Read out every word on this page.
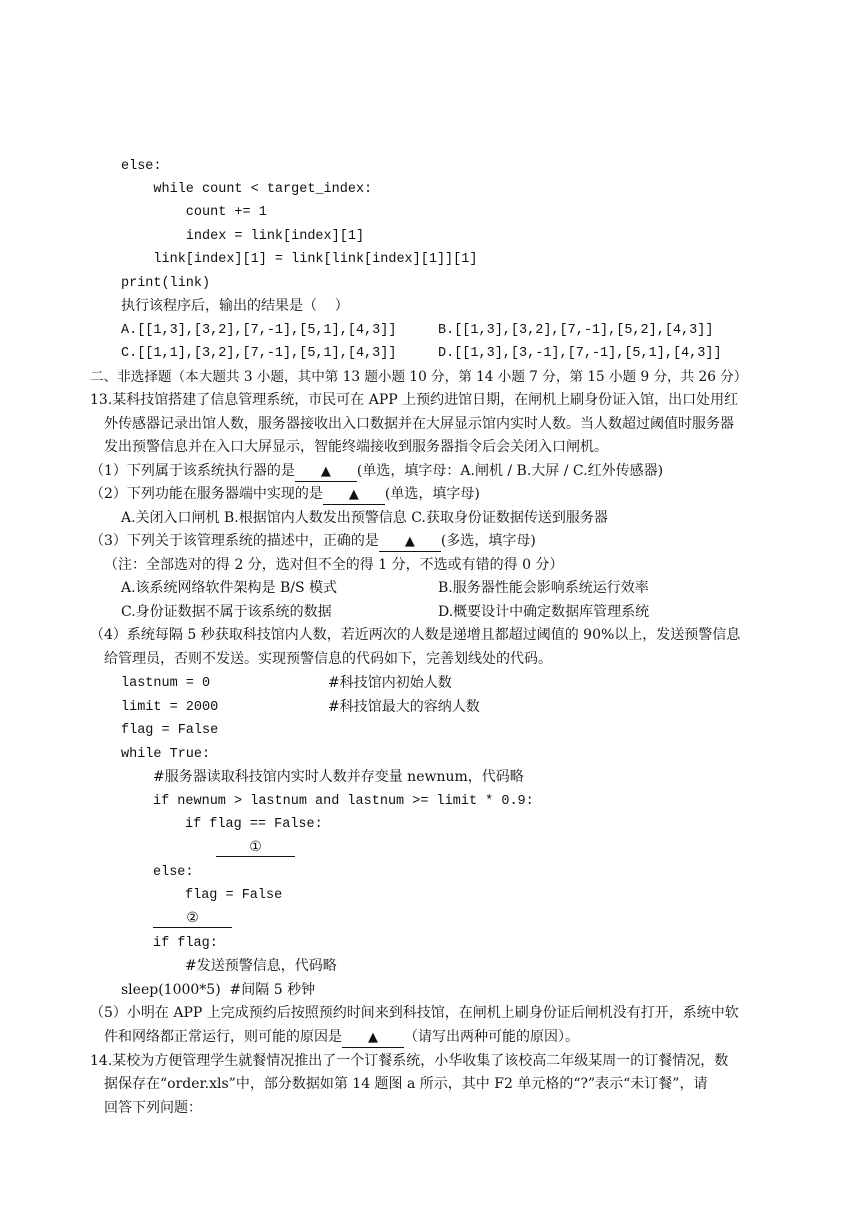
else:
while count < target_index:
count += 1
index = link[index][1]
link[index][1] = link[link[index][1]][1]
print(link)
执行该程序后，输出的结果是（    ）
A.[[1,3],[3,2],[7,-1],[5,1],[4,3]]	B.[[1,3],[3,2],[7,-1],[5,2],[4,3]]
C.[[1,1],[3,2],[7,-1],[5,1],[4,3]]	D.[[1,3],[3,-1],[7,-1],[5,1],[4,3]]
二、非选择题（本大题共 3 小题，其中第 13 题小题 10 分，第 14 小题 7 分，第 15 小题 9 分，共 26 分）
13.某科技馆搭建了信息管理系统，市民可在 APP 上预约进馆日期，在闸机上刷身份证入馆，出口处用红
外传感器记录出馆人数，服务器接收出入口数据并在大屏显示馆内实时人数。当人数超过阈值时服务器
发出预警信息并在入口大屏显示，智能终端接收到服务器指令后会关闭入口闸机。
（1）下列属于该系统执行器的是 ▲ (单选，填字母：A.闸机 / B.大屏 / C.红外传感器)
（2）下列功能在服务器端中实现的是 ▲ (单选，填字母)
A.关闭入口闸机 B.根据馆内人数发出预警信息 C.获取身份证数据传送到服务器
（3）下列关于该管理系统的描述中，正确的是 ▲ (多选，填字母)
（注：全部选对的得 2 分，选对但不全的得 1 分，不选或有错的得 0 分）
A.该系统网络软件架构是 B/S 模式	B.服务器性能会影响系统运行效率
C.身份证数据不属于该系统的数据	D.概要设计中确定数据库管理系统
（4）系统每隔 5 秒获取科技馆内人数，若近两次的人数是递增且都超过阈值的 90%以上，发送预警信息
给管理员，否则不发送。实现预警信息的代码如下，完善划线处的代码。
lastnum = 0	#科技馆内初始人数
limit = 2000	#科技馆最大的容纳人数
flag = False
while True:
#服务器读取科技馆内实时人数并存变量 newnum，代码略
if newnum > lastnum and lastnum >= limit * 0.9:
if flag == False:
①
else:
flag = False
②
if flag:
#发送预警信息，代码略
sleep(1000*5)  #间隔 5 秒钟
（5）小明在 APP 上完成预约后按照预约时间来到科技馆，在闸机上刷身份证后闸机没有打开，系统中软
件和网络都正常运行，则可能的原因是 ▲ （请写出两种可能的原因）。
14.某校为方便管理学生就餐情况推出了一个订餐系统，小华收集了该校高二年级某周一的订餐情况，数
据保存在“order.xls”中，部分数据如第 14 题图 a 所示，其中 F2 单元格的“?”表示“未订餐”，请
回答下列问题：
